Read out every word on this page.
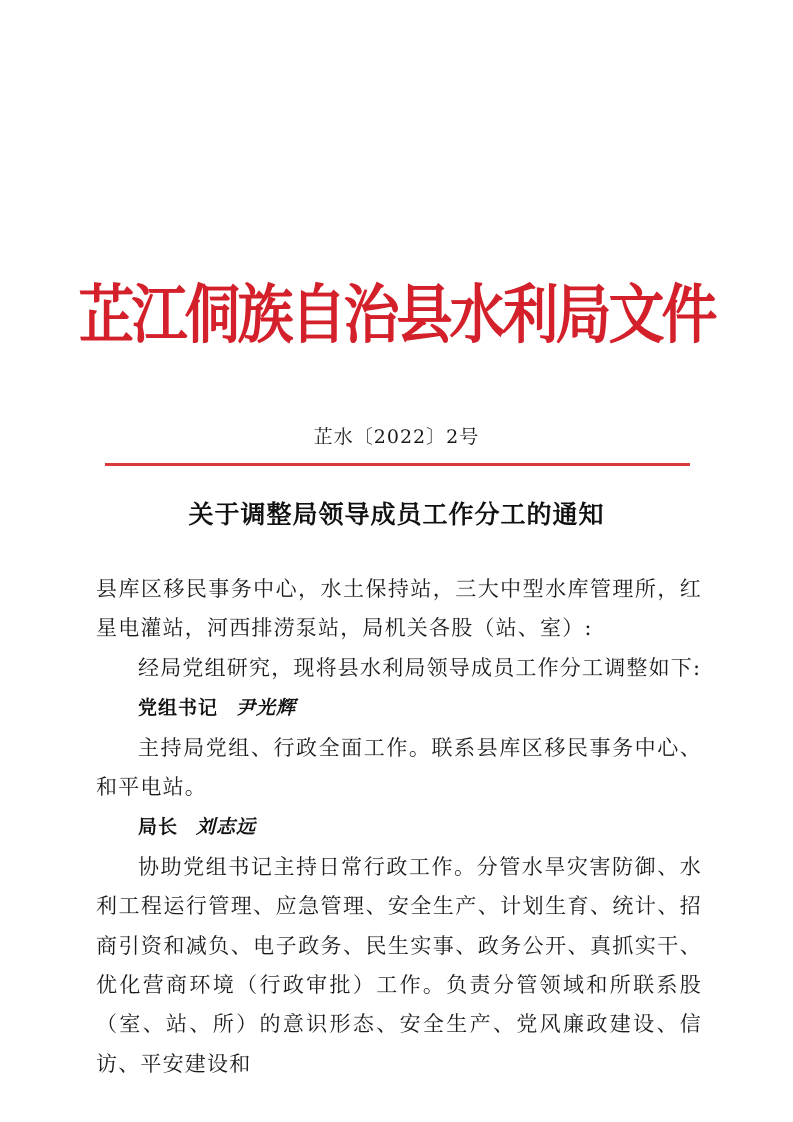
芷江侗族自治县水利局文件
芷水〔2022〕2号
关于调整局领导成员工作分工的通知

县库区移民事务中心，水土保持站，三大中型水库管理所，红星电灌站，河西排涝泵站，局机关各股（站、室）:

经局党组研究，现将县水利局领导成员工作分工调整如下:

党组书记 尹光辉

主持局党组、行政全面工作。联系县库区移民事务中心、和平电站。

局长 刘志远

协助党组书记主持日常行政工作。分管水旱灾害防御、水利工程运行管理、应急管理、安全生产、计划生育、统计、招商引资和减负、电子政务、民生实事、政务公开、真抓实干、优化营商环境（行政审批）工作。负责分管领域和所联系股（室、站、所）的意识形态、安全生产、党风廉政建设、信访、平安建设和
